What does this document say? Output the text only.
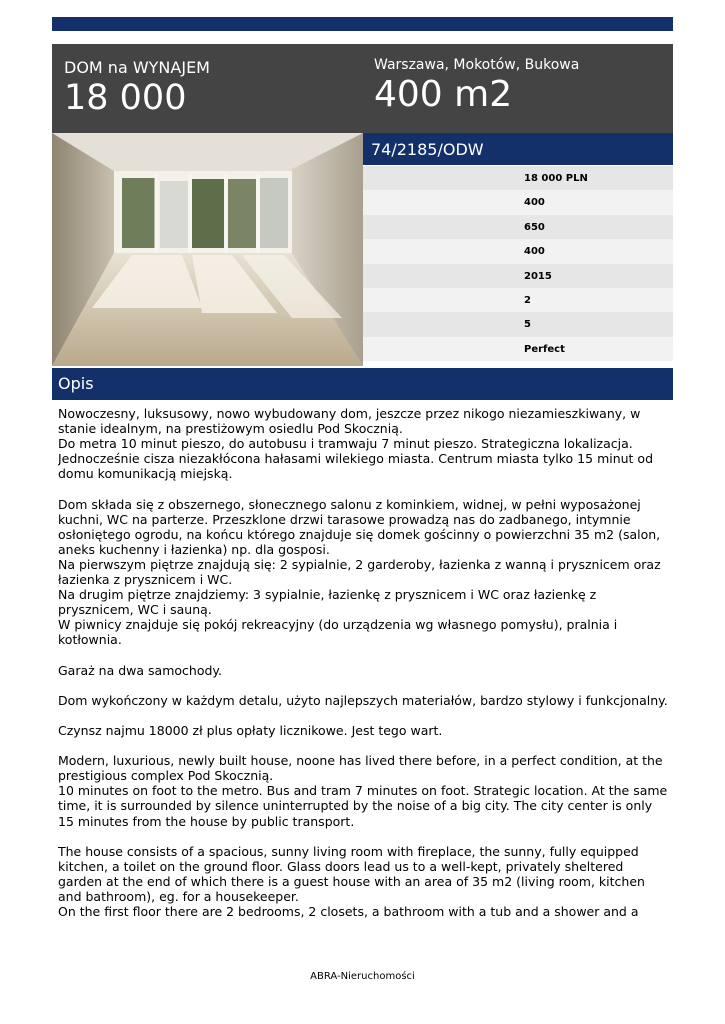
DOM na WYNAJEM
18 000
Warszawa, Mokotów, Bukowa
400 m2
74/2185/ODW
18 000 PLN
400
650
400
2015
2
5
Perfect
Opis
Nowoczesny, luksusowy, nowo wybudowany dom, jeszcze przez nikogo niezamieszkiwany, w stanie idealnym, na prestiżowym osiedlu Pod Skocznią.
Do metra 10 minut pieszo, do autobusu i tramwaju 7 minut pieszo. Strategiczna lokalizacja. Jednocześnie cisza niezakłócona hałasami wilekiego miasta. Centrum miasta tylko 15 minut od domu komunikacją miejską.

Dom składa się z obszernego, słonecznego salonu z kominkiem, widnej, w pełni wyposażonej kuchni, WC na parterze. Przeszklone drzwi tarasowe prowadzą nas do zadbanego, intymnie osłoniętego ogrodu, na końcu którego znajduje się domek gościnny o powierzchni 35 m2 (salon, aneks kuchenny i łazienka) np. dla gosposi.
Na pierwszym piętrze znajdują się: 2 sypialnie, 2 garderoby, łazienka z wanną i prysznicem oraz łazienka z prysznicem i WC.
Na drugim piętrze znajdziemy: 3 sypialnie, łazienkę z prysznicem i WC oraz łazienkę z prysznicem, WC i sauną.
W piwnicy znajduje się pokój rekreacyjny (do urządzenia wg własnego pomysłu), pralnia i kotłownia.

Garaż na dwa samochody.

Dom wykończony w każdym detalu, użyto najlepszych materiałów, bardzo stylowy i funkcjonalny.

Czynsz najmu 18000 zł plus opłaty licznikowe. Jest tego wart.

Modern, luxurious, newly built house, noone has lived there before, in a perfect condition, at the prestigious complex Pod Skocznią.
10 minutes on foot to the metro. Bus and tram 7 minutes on foot. Strategic location. At the same time, it is surrounded by silence uninterrupted by the noise of a big city. The city center is only 15 minutes from the house by public transport.

The house consists of a spacious, sunny living room with fireplace, the sunny, fully equipped kitchen, a toilet on the ground floor. Glass doors lead us to a well-kept, privately sheltered garden at the end of which there is a guest house with an area of 35 m2 (living room, kitchen and bathroom), eg. for a housekeeper.
On the first floor there are 2 bedrooms, 2 closets, a bathroom with a tub and a shower and a
ABRA-Nieruchomości
